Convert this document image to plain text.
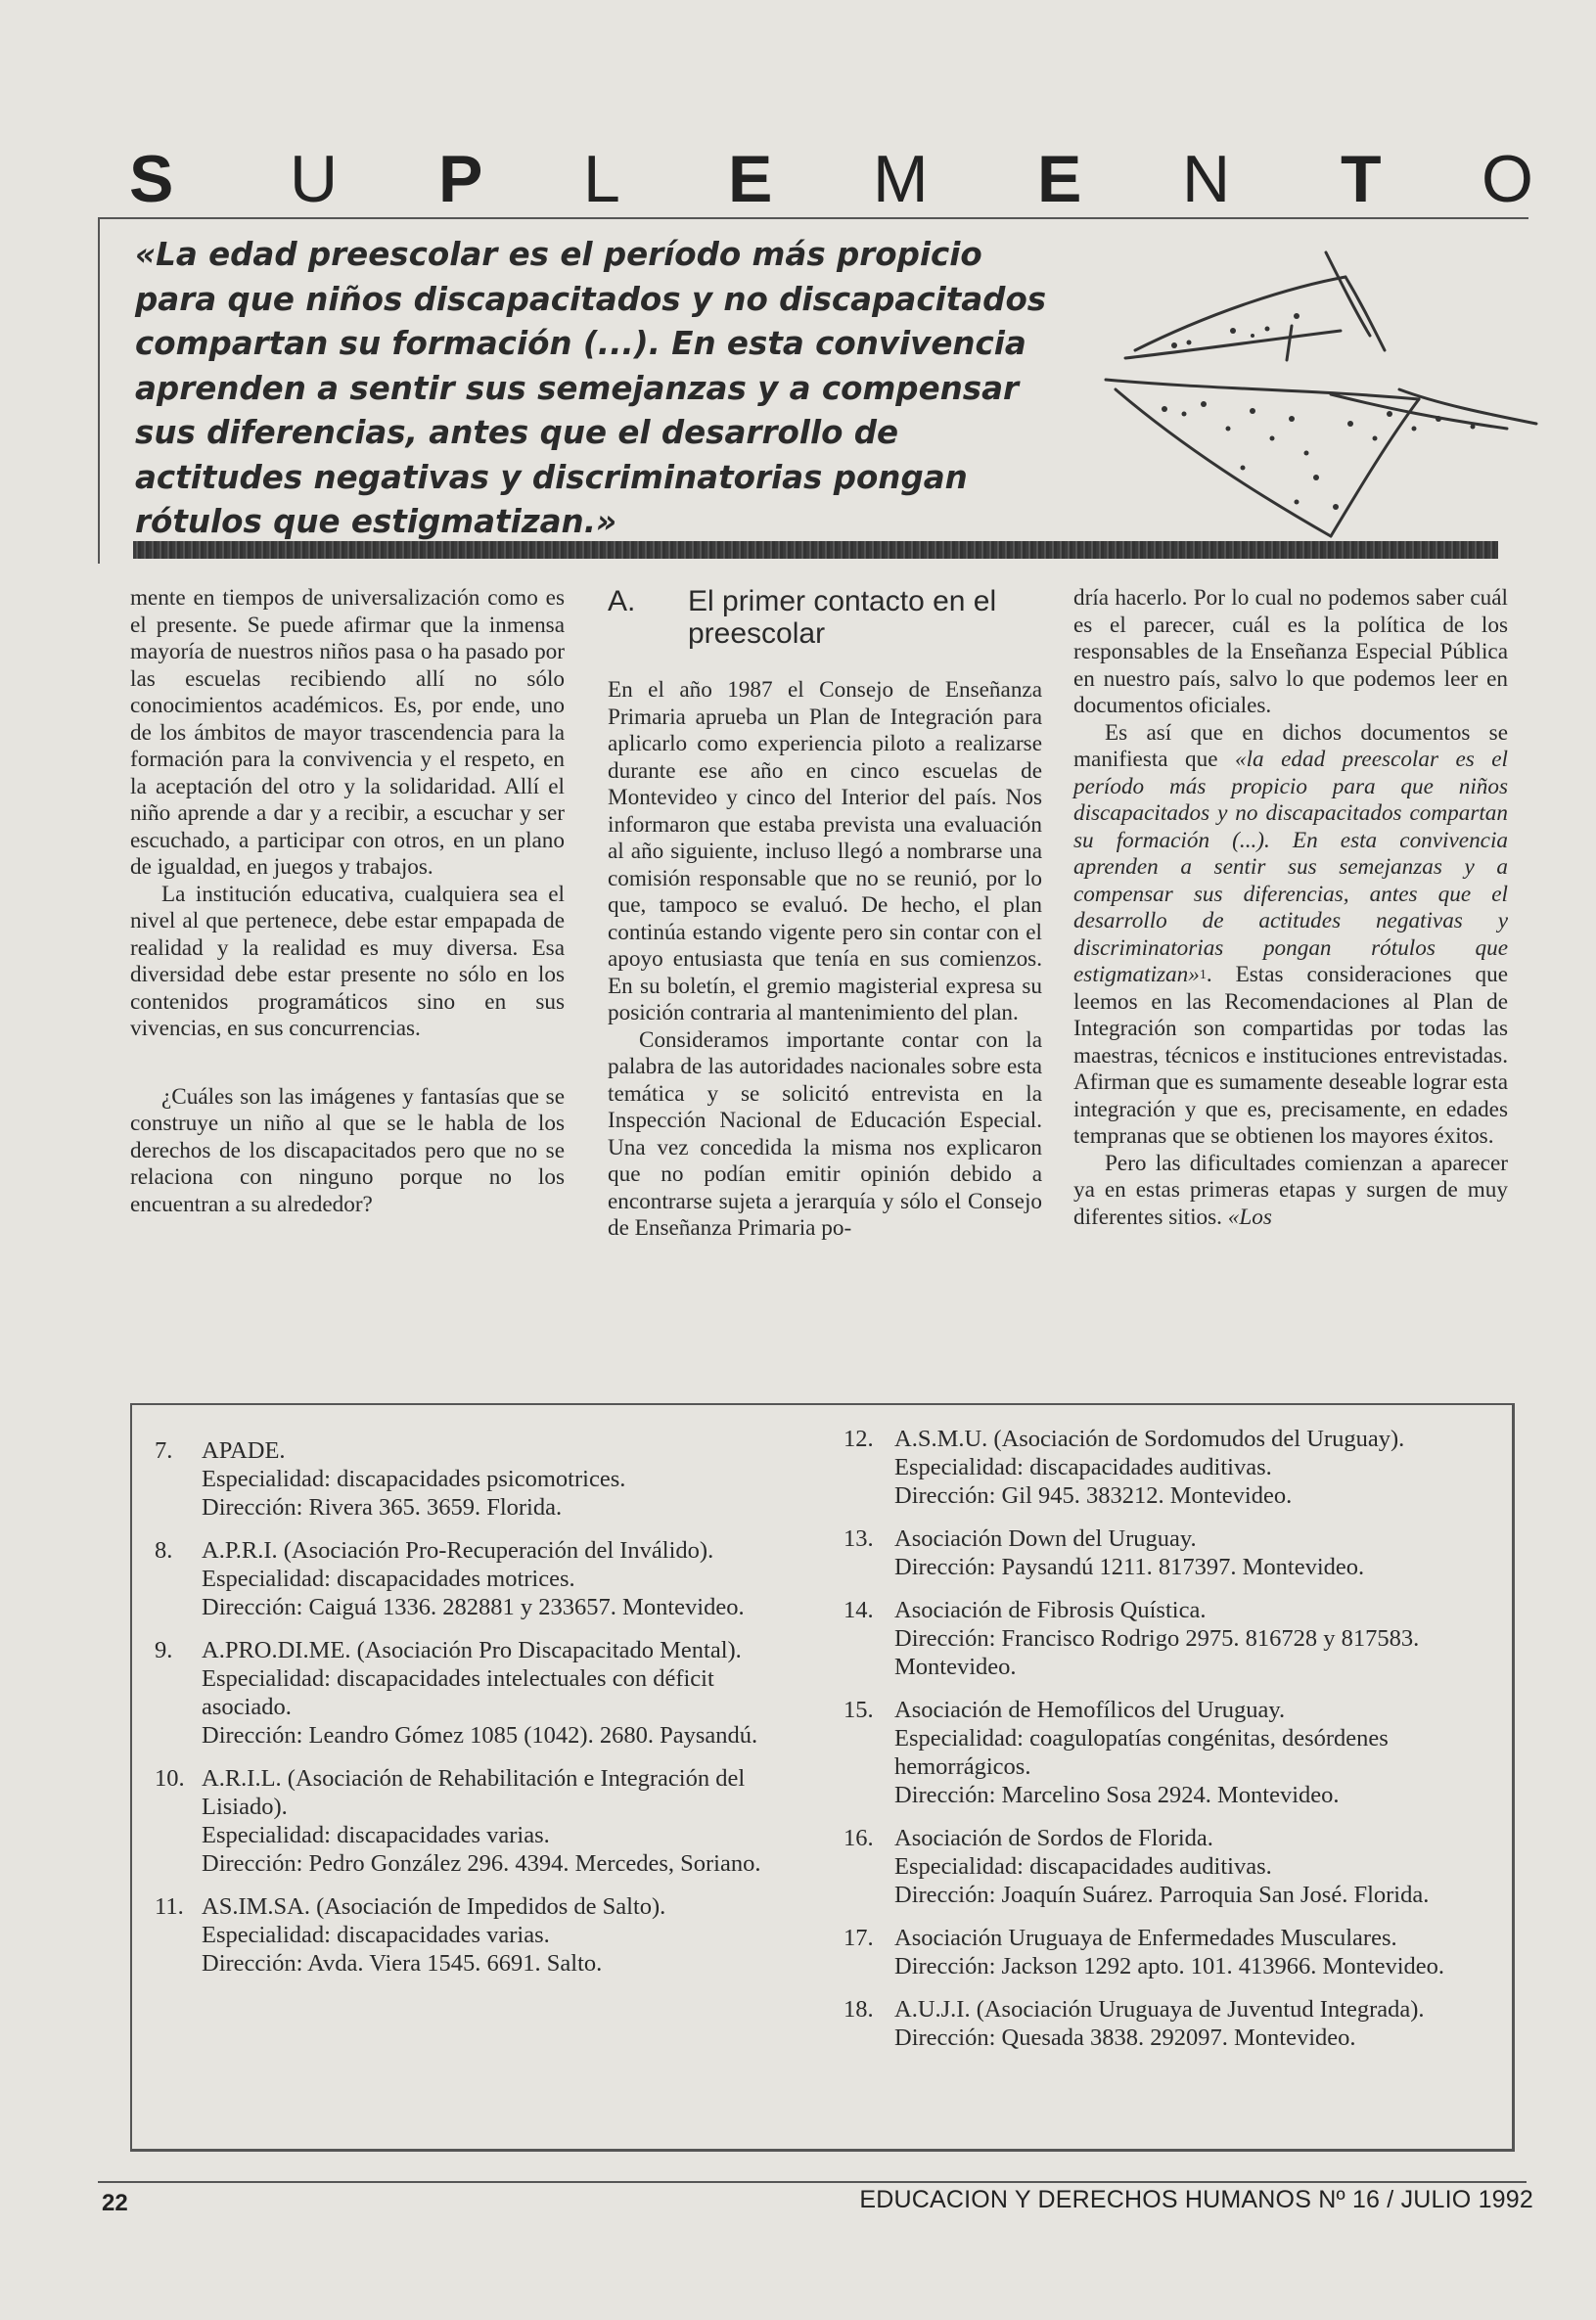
S U P L E M E N T O

«La edad preescolar es el período más propicio para que niños discapacitados y no discapacitados compartan su formación (...). En esta convivencia aprenden a sentir sus semejanzas y a compensar sus diferencias, antes que el desarrollo de actitudes negativas y discriminatorias pongan rótulos que estigmatizan.»

mente en tiempos de universalización como es el presente. Se puede afirmar que la inmensa mayoría de nuestros niños pasa o ha pasado por las escuelas recibiendo allí no sólo conocimientos académicos. Es, por ende, uno de los ámbitos de mayor trascendencia para la formación para la convivencia y el respeto, en la aceptación del otro y la solidaridad. Allí el niño aprende a dar y a recibir, a escuchar y ser escuchado, a participar con otros, en un plano de igualdad, en juegos y trabajos.

La institución educativa, cualquiera sea el nivel al que pertenece, debe estar empapada de realidad y la realidad es muy diversa. Esa diversidad debe estar presente no sólo en los contenidos programáticos sino en sus vivencias, en sus concurrencias.

¿Cuáles son las imágenes y fantasías que se construye un niño al que se le habla de los derechos de los discapacitados pero que no se relaciona con ninguno porque no los encuentran a su alrededor?

A. El primer contacto en el preescolar

En el año 1987 el Consejo de Enseñanza Primaria aprueba un Plan de Integración para aplicarlo como experiencia piloto a realizarse durante ese año en cinco escuelas de Montevideo y cinco del Interior del país. Nos informaron que estaba prevista una evaluación al año siguiente, incluso llegó a nombrarse una comisión responsable que no se reunió, por lo que, tampoco se evaluó. De hecho, el plan continúa estando vigente pero sin contar con el apoyo entusiasta que tenía en sus comienzos. En su boletín, el gremio magisterial expresa su posición contraria al mantenimiento del plan.

Consideramos importante contar con la palabra de las autoridades nacionales sobre esta temática y se solicitó entrevista en la Inspección Nacional de Educación Especial. Una vez concedida la misma nos explicaron que no podían emitir opinión debido a encontrarse sujeta a jerarquía y sólo el Consejo de Enseñanza Primaria po-

dría hacerlo. Por lo cual no podemos saber cuál es el parecer, cuál es la política de los responsables de la Enseñanza Especial Pública en nuestro país, salvo lo que podemos leer en documentos oficiales.

Es así que en dichos documentos se manifiesta que «la edad preescolar es el período más propicio para que niños discapacitados y no discapacitados compartan su formación (...). En esta convivencia aprenden a sentir sus semejanzas y a compensar sus diferencias, antes que el desarrollo de actitudes negativas y discriminatorias pongan rótulos que estigmatizan»$^1$. Estas consideraciones que leemos en las Recomendaciones al Plan de Integración son compartidas por todas las maestras, técnicos e instituciones entrevistadas. Afirman que es sumamente deseable lograr esta integración y que es, precisamente, en edades tempranas que se obtienen los mayores éxitos.

Pero las dificultades comienzan a aparecer ya en estas primeras etapas y surgen de muy diferentes sitios. «Los

7. APADE.
Especialidad: discapacidades psicomotrices.
Dirección: Rivera 365. 3659. Florida.
8. A.P.R.I. (Asociación Pro-Recuperación del Inválido).
Especialidad: discapacidades motrices.
Dirección: Caiguá 1336. 282881 y 233657. Montevideo.
9. A.PRO.DI.ME. (Asociación Pro Discapacitado Mental).
Especialidad: discapacidades intelectuales con déficit asociado.
Dirección: Leandro Gómez 1085 (1042). 2680. Paysandú.
10. A.R.I.L. (Asociación de Rehabilitación e Integración del Lisiado).
Especialidad: discapacidades varias.
Dirección: Pedro González 296. 4394. Mercedes, Soriano.
11. AS.IM.SA. (Asociación de Impedidos de Salto).
Especialidad: discapacidades varias.
Dirección: Avda. Viera 1545. 6691. Salto.
12. A.S.M.U. (Asociación de Sordomudos del Uruguay).
Especialidad: discapacidades auditivas.
Dirección: Gil 945. 383212. Montevideo.
13. Asociación Down del Uruguay.
Dirección: Paysandú 1211. 817397. Montevideo.
14. Asociación de Fibrosis Quística.
Dirección: Francisco Rodrigo 2975. 816728 y 817583. Montevideo.
15. Asociación de Hemofílicos del Uruguay.
Especialidad: coagulopatías congénitas, desórdenes hemorrágicos.
Dirección: Marcelino Sosa 2924. Montevideo.
16. Asociación de Sordos de Florida.
Especialidad: discapacidades auditivas.
Dirección: Joaquín Suárez. Parroquia San José. Florida.
17. Asociación Uruguaya de Enfermedades Musculares.
Dirección: Jackson 1292 apto. 101. 413966. Montevideo.
18. A.U.J.I. (Asociación Uruguaya de Juventud Integrada).
Dirección: Quesada 3838. 292097. Montevideo.
22	EDUCACION Y DERECHOS HUMANOS Nº 16 / JULIO 1992
